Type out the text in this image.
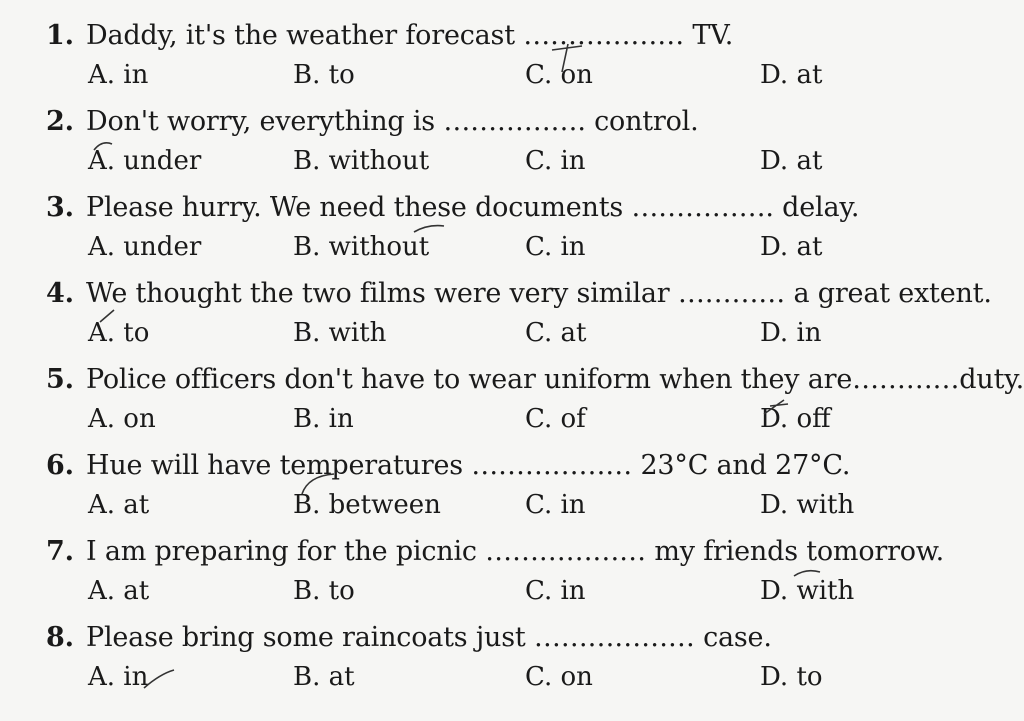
1. Daddy, it's the weather forecast ……………… TV.
A. in	B. to	C. on	D. at
2. Don't worry, everything is ……………. control.
A. under	B. without	C. in	D. at
3. Please hurry. We need these documents ……………. delay.
A. under	B. without	C. in	D. at
4. We thought the two films were very similar ………… a great extent.
A. to	B. with	C. at	D. in
5. Police officers don't have to wear uniform when they are…………duty.
A. on	B. in	C. of	D. off
6. Hue will have temperatures ……………… 23°C and 27°C.
A. at	B. between	C. in	D. with
7. I am preparing for the picnic ……………… my friends tomorrow.
A. at	B. to	C. in	D. with
8. Please bring some raincoats just ……………… case.
A. in	B. at	C. on	D. to
